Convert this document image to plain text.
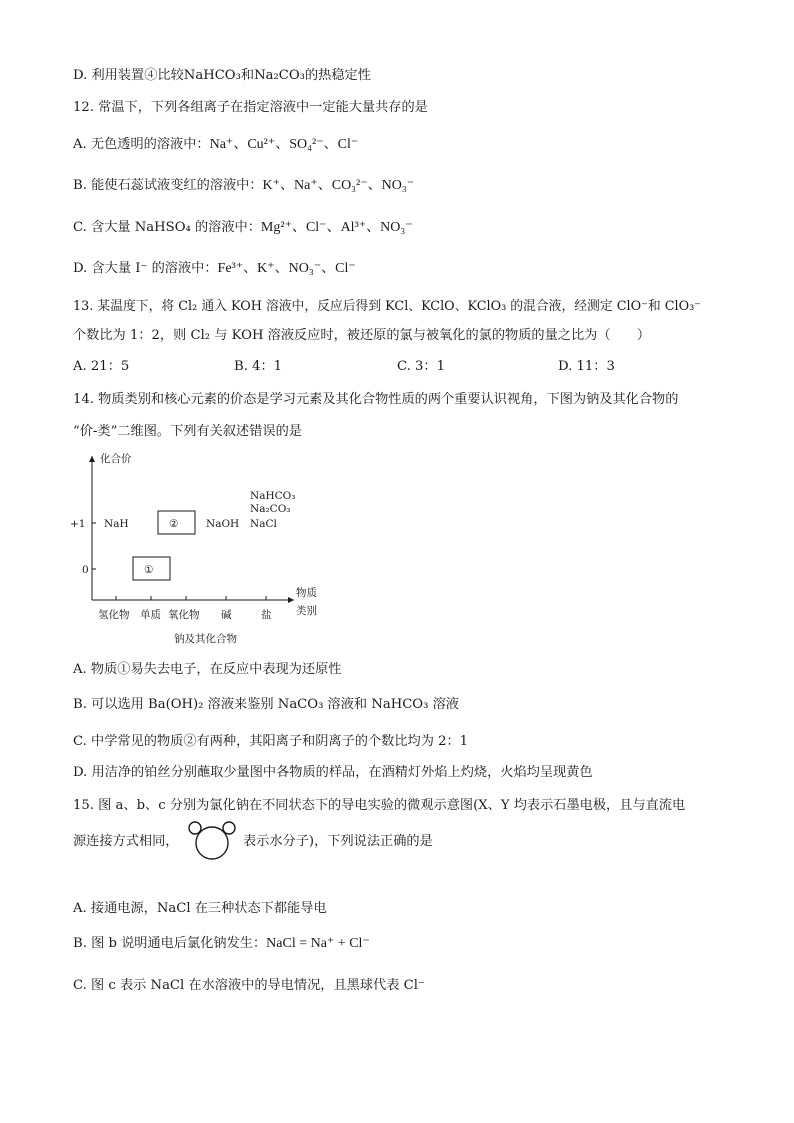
D. 利用装置④比较NaHCO₃和Na₂CO₃的热稳定性
12. 常温下，下列各组离子在指定溶液中一定能大量共存的是
A. 无色透明的溶液中：Na⁺、Cu²⁺、SO₄²⁻、Cl⁻
B. 能使石蕊试液变红的溶液中：K⁺、Na⁺、CO₃²⁻、NO₃⁻
C. 含大量 NaHSO₄ 的溶液中：Mg²⁺、Cl⁻、Al³⁺、NO₃⁻
D. 含大量 I⁻ 的溶液中：Fe³⁺、K⁺、NO₃⁻、Cl⁻
13. 某温度下，将 Cl₂ 通入 KOH 溶液中，反应后得到 KCl、KClO、KClO₃ 的混合液，经测定 ClO⁻和 ClO₃⁻
个数比为 1：2，则 Cl₂ 与 KOH 溶液反应时，被还原的氯与被氧化的氯的物质的量之比为（　　）
A. 21：5	B. 4：1	C. 3：1	D. 11：3
14. 物质类别和核心元素的价态是学习元素及其化合物性质的两个重要认识视角，下图为钠及其化合物的
“价-类”二维图。下列有关叙述错误的是
化合价
+1
0
氢化物 单质 氧化物 碱	盐
物质
类别
钠及其化合物
NaH	②	NaOH
①
NaHCO₃
Na₂CO₃
NaCl
A. 物质①易失去电子，在反应中表现为还原性
B. 可以选用 Ba(OH)₂ 溶液来鉴别 NaCO₃ 溶液和 NaHCO₃ 溶液
C. 中学常见的物质②有两种，其阳离子和阴离子的个数比均为 2：1
D. 用洁净的铂丝分别蘸取少量图中各物质的样品，在酒精灯外焰上灼烧，火焰均呈现黄色
15. 图 a、b、c 分别为氯化钠在不同状态下的导电实验的微观示意图(X、Y 均表示石墨电极，且与直流电
源连接方式相同，	表示水分子)，下列说法正确的是
A. 接通电源，NaCl 在三种状态下都能导电
B. 图 b 说明通电后氯化钠发生：NaCl = Na⁺ + Cl⁻
C. 图 c 表示 NaCl 在水溶液中的导电情况，且黑球代表 Cl⁻
